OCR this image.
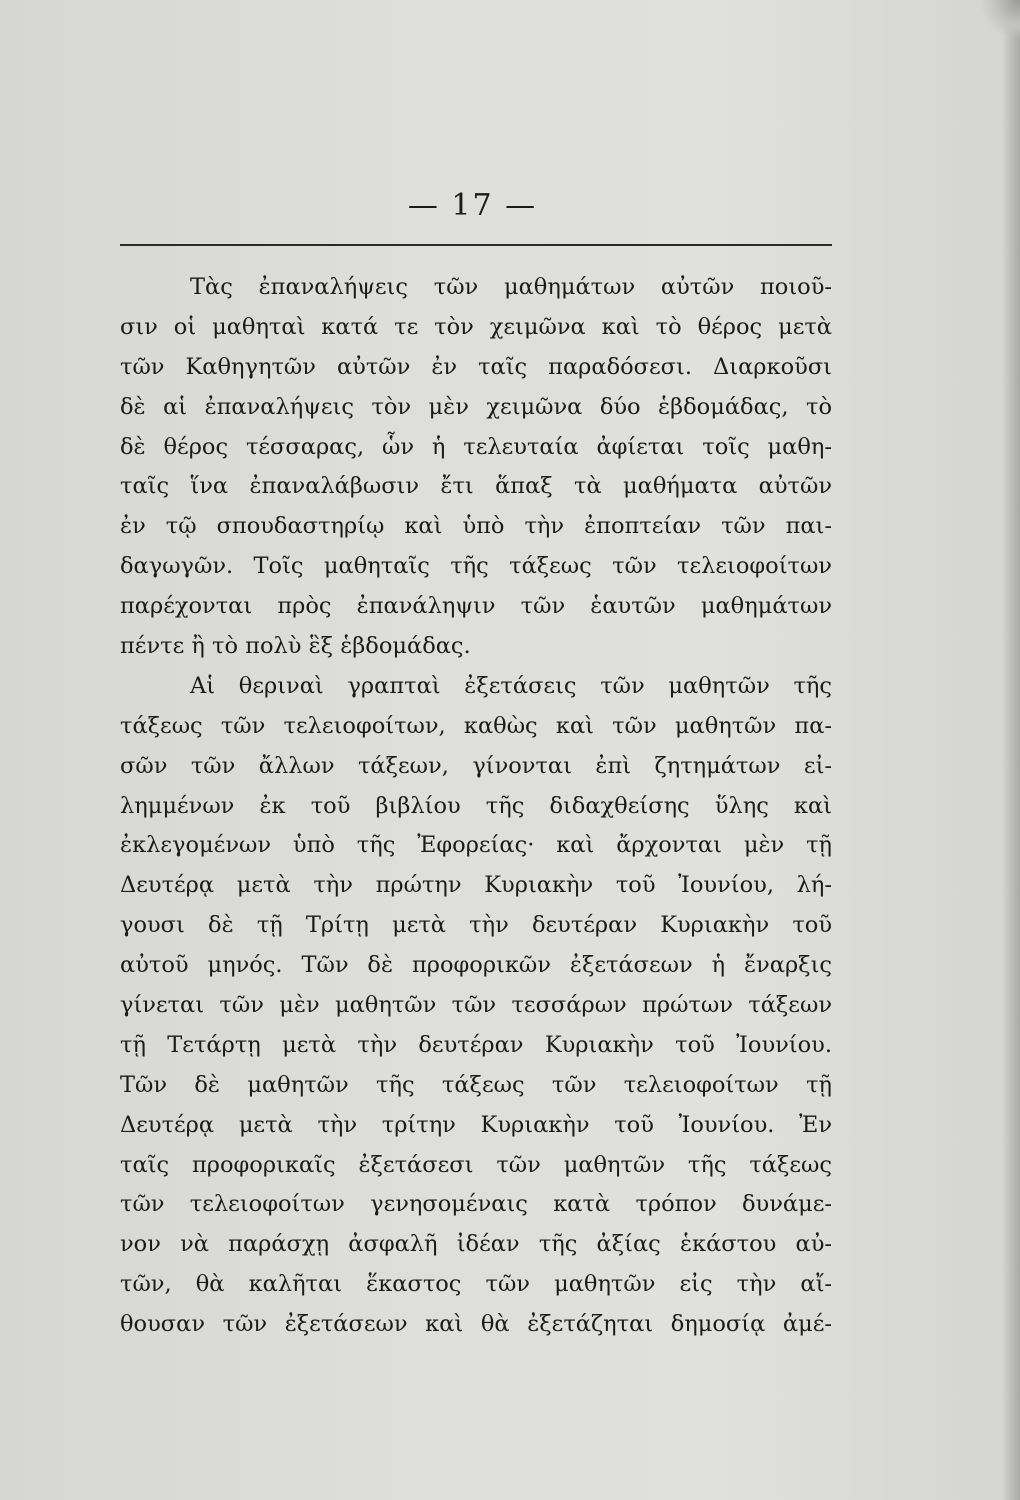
— 17 —
Τὰς ἐπαναλήψεις τῶν μαθημάτων αὐτῶν ποιοῦ-
σιν οἱ μαθηταὶ κατά τε τὸν χειμῶνα καὶ τὸ θέρος μετὰ
τῶν Καθηγητῶν αὐτῶν ἐν ταῖς παραδόσεσι. Διαρκοῦσι
δὲ αἱ ἐπαναλήψεις τὸν μὲν χειμῶνα δύο ἑβδομάδας, τὸ
δὲ θέρος τέσσαρας, ὧν ἡ τελευταία ἀφίεται τοῖς μαθη-
ταῖς ἵνα ἐπαναλάβωσιν ἔτι ἅπαξ τὰ μαθήματα αὐτῶν
ἐν τῷ σπουδαστηρίῳ καὶ ὑπὸ τὴν ἐποπτείαν τῶν παι-
δαγωγῶν. Τοῖς μαθηταῖς τῆς τάξεως τῶν τελειοφοίτων
παρέχονται πρὸς ἐπανάληψιν τῶν ἑαυτῶν μαθημάτων
πέντε ἢ τὸ πολὺ ἓξ ἑβδομάδας.
Αἱ θεριναὶ γραπταὶ ἐξετάσεις τῶν μαθητῶν τῆς
τάξεως τῶν τελειοφοίτων, καθὼς καὶ τῶν μαθητῶν πα-
σῶν τῶν ἄλλων τάξεων, γίνονται ἐπὶ ζητημάτων εἰ-
λημμένων ἐκ τοῦ βιβλίου τῆς διδαχθείσης ὕλης καὶ
ἐκλεγομένων ὑπὸ τῆς Ἐφορείας· καὶ ἄρχονται μὲν τῇ
Δευτέρᾳ μετὰ τὴν πρώτην Κυριακὴν τοῦ Ἰουνίου, λή-
γουσι δὲ τῇ Τρίτῃ μετὰ τὴν δευτέραν Κυριακὴν τοῦ
αὐτοῦ μηνός. Τῶν δὲ προφορικῶν ἐξετάσεων ἡ ἔναρξις
γίνεται τῶν μὲν μαθητῶν τῶν τεσσάρων πρώτων τάξεων
τῇ Τετάρτῃ μετὰ τὴν δευτέραν Κυριακὴν τοῦ Ἰουνίου.
Τῶν δὲ μαθητῶν τῆς τάξεως τῶν τελειοφοίτων τῇ
Δευτέρᾳ μετὰ τὴν τρίτην Κυριακὴν τοῦ Ἰουνίου. Ἐν
ταῖς προφορικαῖς ἐξετάσεσι τῶν μαθητῶν τῆς τάξεως
τῶν τελειοφοίτων γενησομέναις κατὰ τρόπον δυνάμε-
νον νὰ παράσχῃ ἀσφαλῆ ἰδέαν τῆς ἀξίας ἑκάστου αὐ-
τῶν, θὰ καλῆται ἕκαστος τῶν μαθητῶν εἰς τὴν αἴ-
θουσαν τῶν ἐξετάσεων καὶ θὰ ἐξετάζηται δημοσίᾳ ἀμέ-
